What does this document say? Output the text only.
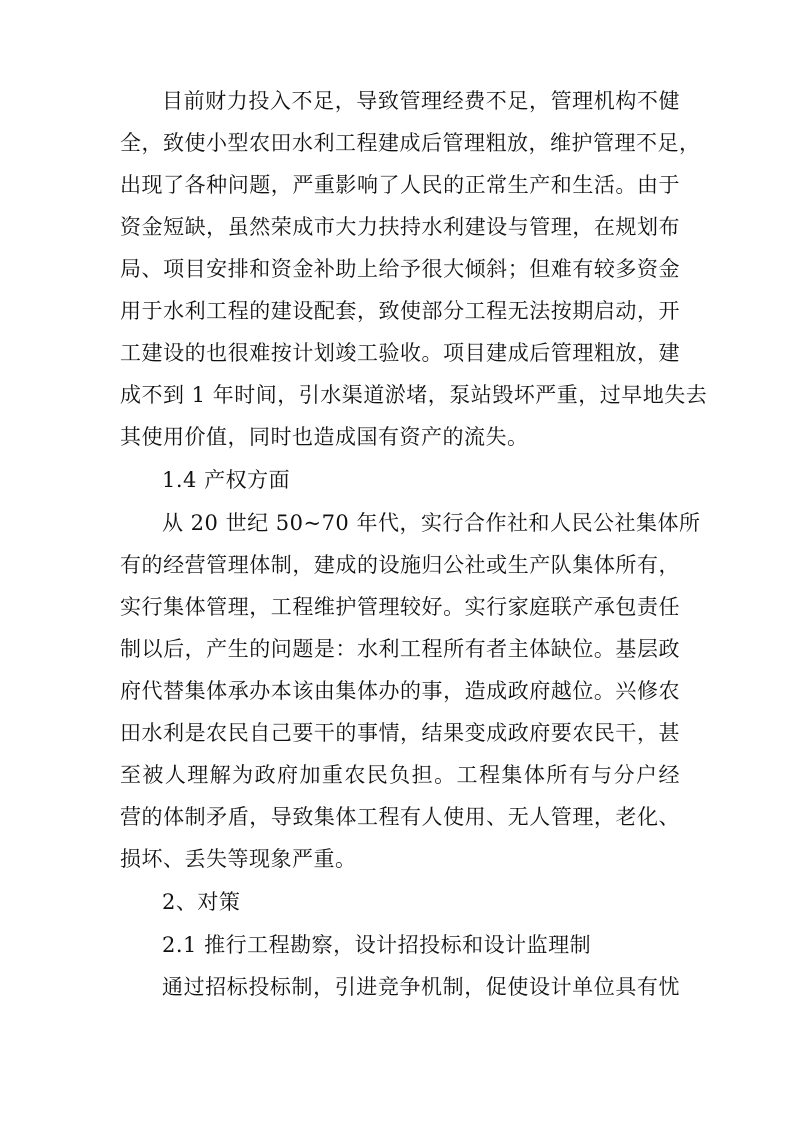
目前财力投入不足，导致管理经费不足，管理机构不健
全，致使小型农田水利工程建成后管理粗放，维护管理不足，
出现了各种问题，严重影响了人民的正常生产和生活。由于
资金短缺，虽然荣成市大力扶持水利建设与管理，在规划布
局、项目安排和资金补助上给予很大倾斜；但难有较多资金
用于水利工程的建设配套，致使部分工程无法按期启动，开
工建设的也很难按计划竣工验收。项目建成后管理粗放，建
成不到 1 年时间，引水渠道淤堵，泵站毁坏严重，过早地失去
其使用价值，同时也造成国有资产的流失。
1.4 产权方面
从 20 世纪 50~70 年代，实行合作社和人民公社集体所
有的经营管理体制，建成的设施归公社或生产队集体所有，
实行集体管理，工程维护管理较好。实行家庭联产承包责任
制以后，产生的问题是：水利工程所有者主体缺位。基层政
府代替集体承办本该由集体办的事，造成政府越位。兴修农
田水利是农民自己要干的事情，结果变成政府要农民干，甚
至被人理解为政府加重农民负担。工程集体所有与分户经
营的体制矛盾，导致集体工程有人使用、无人管理，老化、
损坏、丢失等现象严重。
2、对策
2.1 推行工程勘察，设计招投标和设计监理制
通过招标投标制，引进竞争机制，促使设计单位具有忧
